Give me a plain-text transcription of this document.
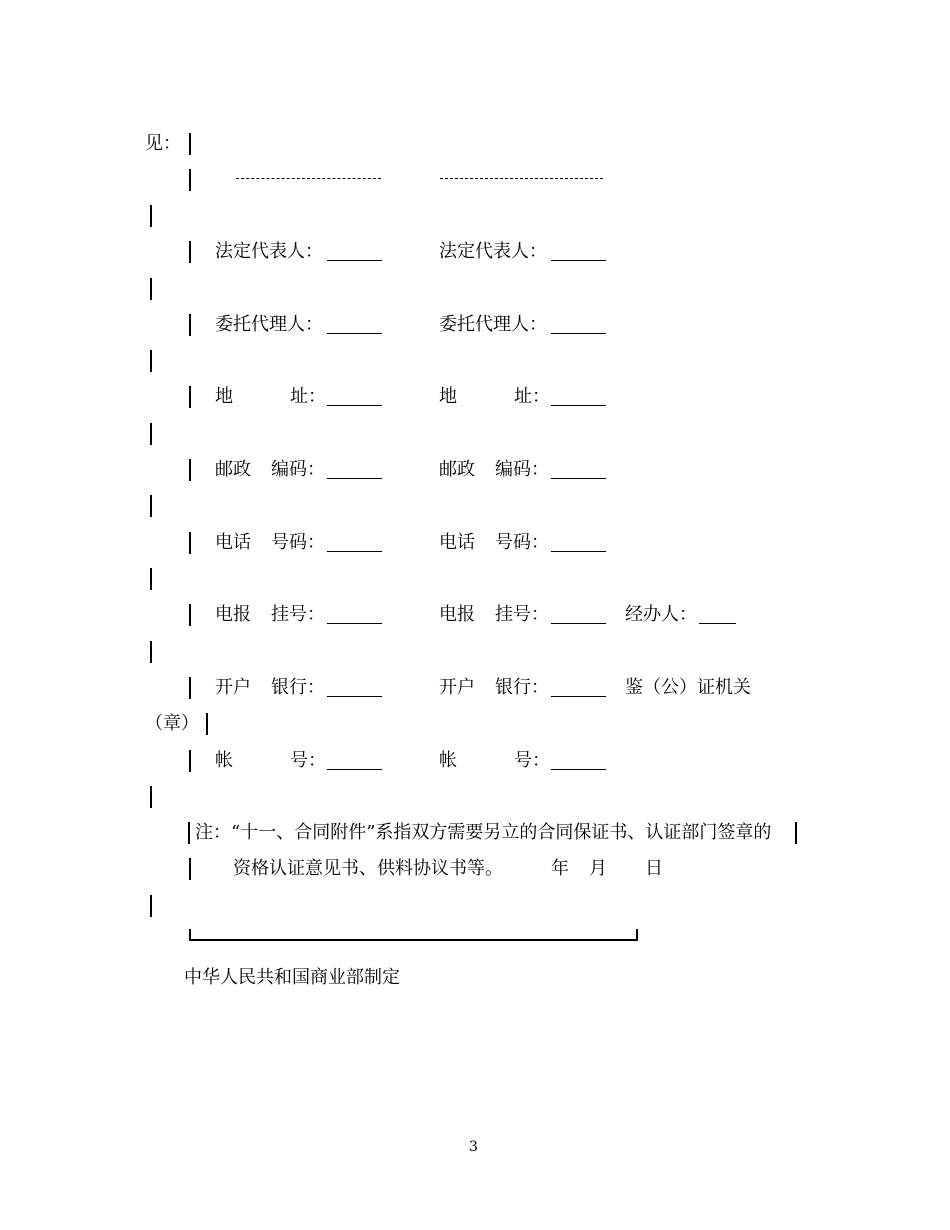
见：
法定代表人：	法定代表人：
委托代理人：	委托代理人：
地	址：	地	址：
邮政 编码：	邮政 编码：
电话 号码：	电话 号码：
电报 挂号：	电报 挂号：	经办人：
开户 银行：	开户 银行：	鉴（公）证机关
（章）
帐	号：	帐	号：
注：“十一、合同附件”系指双方需要另立的合同保证书、认证部门签章的
资格认证意见书、供料协议书等。	年 月 日
中华人民共和国商业部制定
3
